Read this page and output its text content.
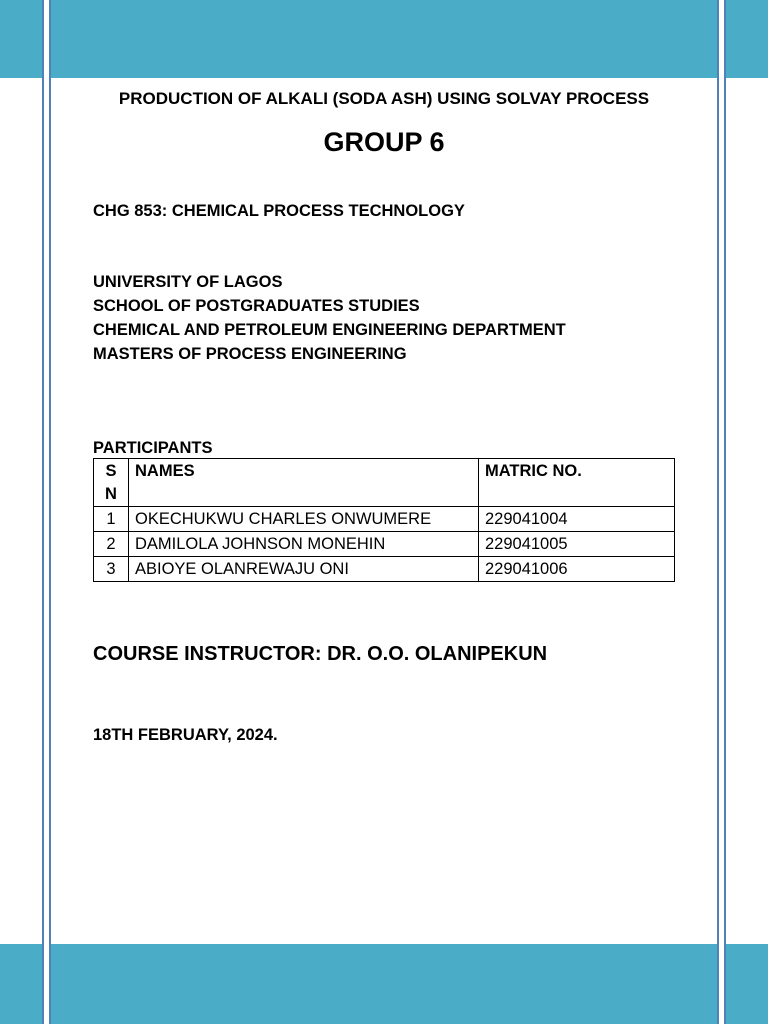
PRODUCTION OF ALKALI (SODA ASH) USING SOLVAY PROCESS
GROUP 6
CHG 853: CHEMICAL PROCESS TECHNOLOGY
UNIVERSITY OF LAGOS
SCHOOL OF POSTGRADUATES STUDIES
CHEMICAL AND PETROLEUM ENGINEERING DEPARTMENT
MASTERS OF PROCESS ENGINEERING
PARTICIPANTS
S
N	NAMES	MATRIC NO.
1	OKECHUKWU CHARLES ONWUMERE	229041004
2	DAMILOLA JOHNSON MONEHIN	229041005
3	ABIOYE OLANREWAJU ONI	229041006
COURSE INSTRUCTOR: DR. O.O. OLANIPEKUN
18TH FEBRUARY, 2024.
